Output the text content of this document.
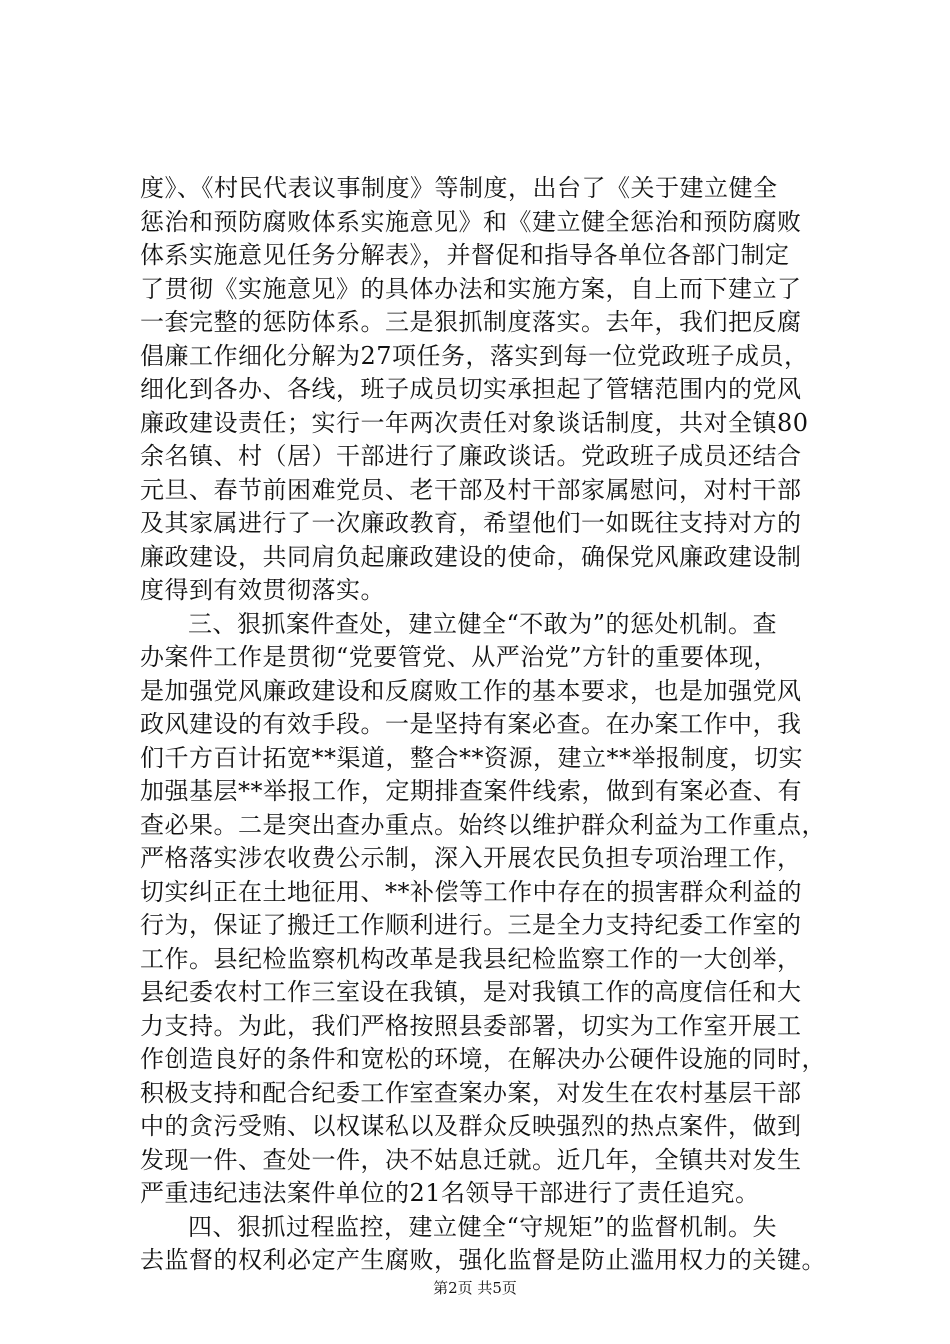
度》、《村民代表议事制度》等制度，出台了《关于建立健全
惩治和预防腐败体系实施意见》和《建立健全惩治和预防腐败
体系实施意见任务分解表》，并督促和指导各单位各部门制定
了贯彻《实施意见》的具体办法和实施方案，自上而下建立了
一套完整的惩防体系。三是狠抓制度落实。去年，我们把反腐
倡廉工作细化分解为27项任务，落实到每一位党政班子成员，
细化到各办、各线，班子成员切实承担起了管辖范围内的党风
廉政建设责任；实行一年两次责任对象谈话制度，共对全镇80
余名镇、村（居）干部进行了廉政谈话。党政班子成员还结合
元旦、春节前困难党员、老干部及村干部家属慰问，对村干部
及其家属进行了一次廉政教育，希望他们一如既往支持对方的
廉政建设，共同肩负起廉政建设的使命，确保党风廉政建设制
度得到有效贯彻落实。
三、狠抓案件查处，建立健全“不敢为”的惩处机制。查
办案件工作是贯彻“党要管党、从严治党”方针的重要体现，
是加强党风廉政建设和反腐败工作的基本要求，也是加强党风
政风建设的有效手段。一是坚持有案必查。在办案工作中，我
们千方百计拓宽**渠道，整合**资源，建立**举报制度，切实
加强基层**举报工作，定期排查案件线索，做到有案必查、有
查必果。二是突出查办重点。始终以维护群众利益为工作重点，
严格落实涉农收费公示制，深入开展农民负担专项治理工作，
切实纠正在土地征用、**补偿等工作中存在的损害群众利益的
行为，保证了搬迁工作顺利进行。三是全力支持纪委工作室的
工作。县纪检监察机构改革是我县纪检监察工作的一大创举，
县纪委农村工作三室设在我镇，是对我镇工作的高度信任和大
力支持。为此，我们严格按照县委部署，切实为工作室开展工
作创造良好的条件和宽松的环境，在解决办公硬件设施的同时，
积极支持和配合纪委工作室查案办案，对发生在农村基层干部
中的贪污受贿、以权谋私以及群众反映强烈的热点案件，做到
发现一件、查处一件，决不姑息迁就。近几年，全镇共对发生
严重违纪违法案件单位的21名领导干部进行了责任追究。
四、狠抓过程监控，建立健全“守规矩”的监督机制。失
去监督的权利必定产生腐败，强化监督是防止滥用权力的关键。
第2页 共5页
